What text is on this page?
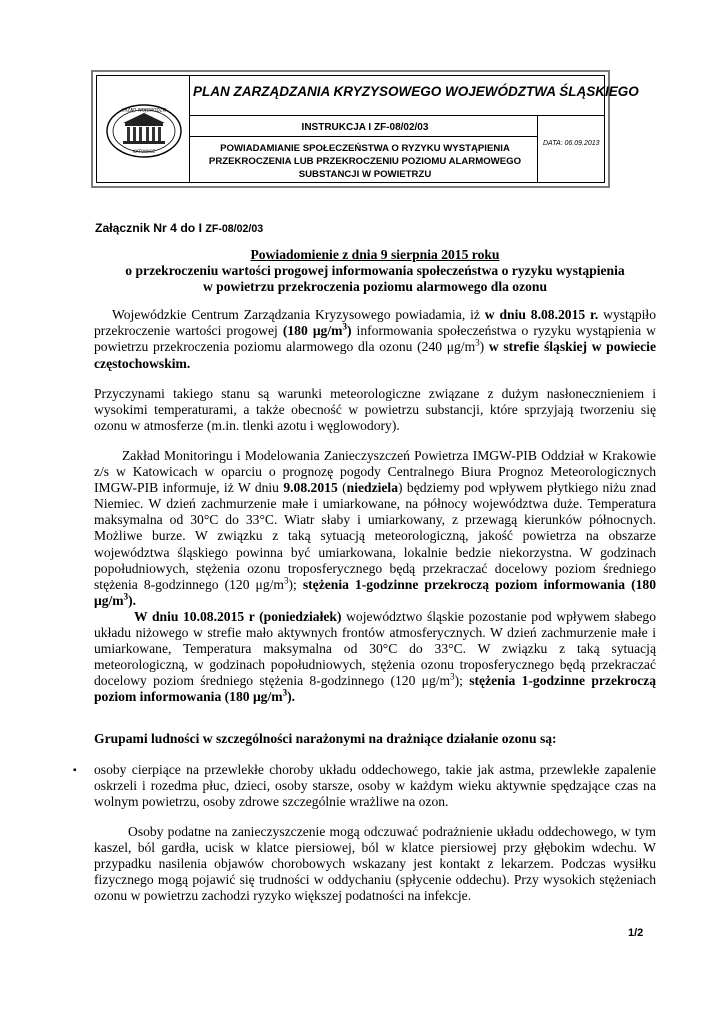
URZĄD WOJEWÓDZKI
KATOWICE
PLAN ZARZĄDZANIA KRYZYSOWEGO WOJEWÓDZTWA ŚLĄSKIEGO
INSTRUKCJA I ZF-08/02/03
POWIADAMIANIE SPOŁECZEŃSTWA O RYZYKU WYSTĄPIENIA
PRZEKROCZENIA LUB PRZEKROCZENIU POZIOMU ALARMOWEGO
SUBSTANCJI W POWIETRZU
DATA: 06.09.2013
Załącznik Nr 4 do I ZF-08/02/03

Powiadomienie z dnia 9 sierpnia 2015 roku

o przekroczeniu wartości progowej informowania społeczeństwa o ryzyku wystąpienia

w powietrzu przekroczenia poziomu alarmowego dla ozonu

Wojewódzkie Centrum Zarządzania Kryzysowego powiadamia, iż w dniu 8.08.2015 r. wystąpiło przekroczenie wartości progowej (180 $\mu g/m^3$) informowania społeczeństwa o ryzyku wystąpienia w powietrzu przekroczenia poziomu alarmowego dla ozonu (240 $\mu g/m^3$) w strefie śląskiej w powiecie częstochowskim.

Przyczynami takiego stanu są warunki meteorologiczne związane z dużym nasłonecznieniem i wysokimi temperaturami, a także obecność w powietrzu substancji, które sprzyjają tworzeniu się ozonu w atmosferze (m.in. tlenki azotu i węglowodory).

Zakład Monitoringu i Modelowania Zanieczyszczeń Powietrza IMGW-PIB Oddział w Krakowie z/s w Katowicach w oparciu o prognozę pogody Centralnego Biura Prognoz Meteorologicznych IMGW-PIB informuje, iż W dniu 9.08.2015 (niedziela) będziemy pod wpływem płytkiego niżu znad Niemiec. W dzień zachmurzenie małe i umiarkowane, na północy województwa duże. Temperatura maksymalna od 30°C do 33°C. Wiatr słaby i umiarkowany, z przewagą kierunków północnych. Możliwe burze. W związku z taką sytuacją meteorologiczną, jakość powietrza na obszarze województwa śląskiego powinna być umiarkowana, lokalnie bedzie niekorzystna. W godzinach popołudniowych, stężenia ozonu troposferycznego będą przekraczać docelowy poziom średniego stężenia 8-godzinnego (120 $\mu g/m^3$); stężenia 1-godzinne przekroczą poziom informowania (180 $\mu g/m^3$).

W dniu 10.08.2015 r (poniedziałek) województwo śląskie pozostanie pod wpływem słabego układu niżowego w strefie mało aktywnych frontów atmosferycznych. W dzień zachmurzenie małe i umiarkowane, Temperatura maksymalna od 30°C do 33°C. W związku z taką sytuacją meteorologiczną, w godzinach popołudniowych, stężenia ozonu troposferycznego będą przekraczać docelowy poziom średniego stężenia 8-godzinnego (120 $\mu g/m^3$); stężenia 1-godzinne przekroczą poziom informowania (180 $\mu g/m^3$).

Grupami ludności w szczególności narażonymi na drażniące działanie ozonu są:

▪ osoby cierpiące na przewlekłe choroby układu oddechowego, takie jak astma, przewlekłe zapalenie oskrzeli i rozedma płuc, dzieci, osoby starsze, osoby w każdym wieku aktywnie spędzające czas na wolnym powietrzu, osoby zdrowe szczególnie wrażliwe na ozon.

Osoby podatne na zanieczyszczenie mogą odczuwać podrażnienie układu oddechowego, w tym kaszel, ból gardła, ucisk w klatce piersiowej, ból w klatce piersiowej przy głębokim wdechu. W przypadku nasilenia objawów chorobowych wskazany jest kontakt z lekarzem. Podczas wysiłku fizycznego mogą pojawić się trudności w oddychaniu (spłycenie oddechu). Przy wysokich stężeniach ozonu w powietrzu zachodzi ryzyko większej podatności na infekcje.

1/2
